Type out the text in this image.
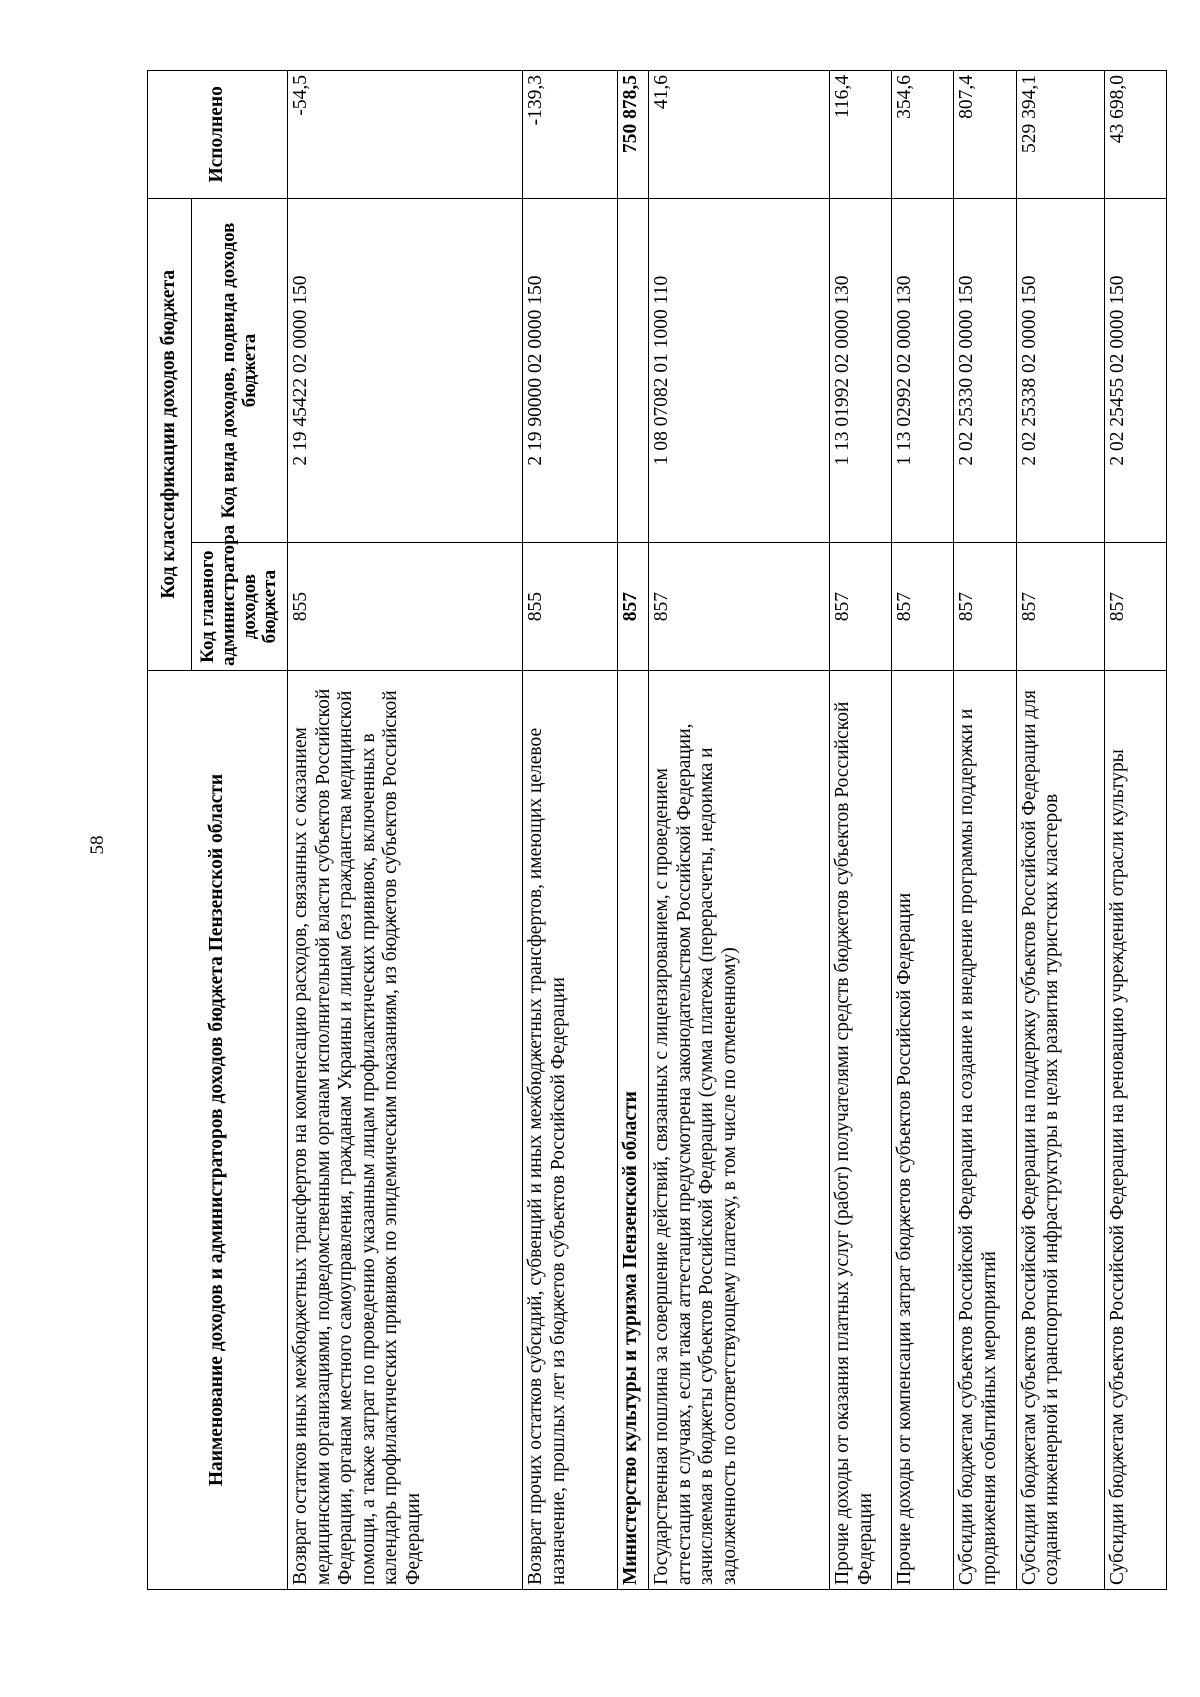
58	Наименование доходов и администраторов доходов бюджета Пензенской области	Код классификации доходов бюджета		Исполнено
	Код главного администратора доходов бюджета	Код вида доходов, подвида доходов бюджета	
Возврат остатков иных межбюджетных трансфертов на компенсацию расходов, связанных с оказанием медицинскими организациями, подведомственными органам исполнительной власти субъектов Российской Федерации, органам местного самоуправления, гражданам Украины и лицам без гражданства медицинской помощи, а также затрат по проведению указанным лицам профилактических прививок, включенных в календарь профилактических прививок по эпидемическим показаниям, из бюджетов субъектов Российской Федерации	855	2 19 45422 02 0000 150	-54,5
Возврат прочих остатков субсидий, субвенций и иных межбюджетных трансфертов, имеющих целевое назначение, прошлых лет из бюджетов субъектов Российской Федерации	855	2 19 90000 02 0000 150	-139,3
Министерство культуры и туризма Пензенской области	857		750 878,5
Государственная пошлина за совершение действий, связанных с лицензированием, с проведением аттестации в случаях, если такая аттестация предусмотрена законодательством Российской Федерации, зачисляемая в бюджеты субъектов Российской Федерации (сумма платежа (перерасчеты, недоимка и задолженность по соответствующему платежу, в том числе по отмененному)	857	1 08 07082 01 1000 110	41,6
Прочие доходы от оказания платных услуг (работ) получателями средств бюджетов субъектов Российской Федерации	857	1 13 01992 02 0000 130	116,4
Прочие доходы от компенсации затрат бюджетов субъектов Российской Федерации	857	1 13 02992 02 0000 130	354,6
Субсидии бюджетам субъектов Российской Федерации на создание и внедрение программы поддержки и продвижения событийных мероприятий	857	2 02 25330 02 0000 150	807,4
Субсидии бюджетам субъектов Российской Федерации на поддержку субъектов Российской Федерации для создания инженерной и транспортной инфраструктуры в целях развития туристских кластеров	857	2 02 25338 02 0000 150	529 394,1
Субсидии бюджетам субъектов Российской Федерации на реновацию учреждений отрасли культуры	857	2 02 25455 02 0000 150	43 698,0
